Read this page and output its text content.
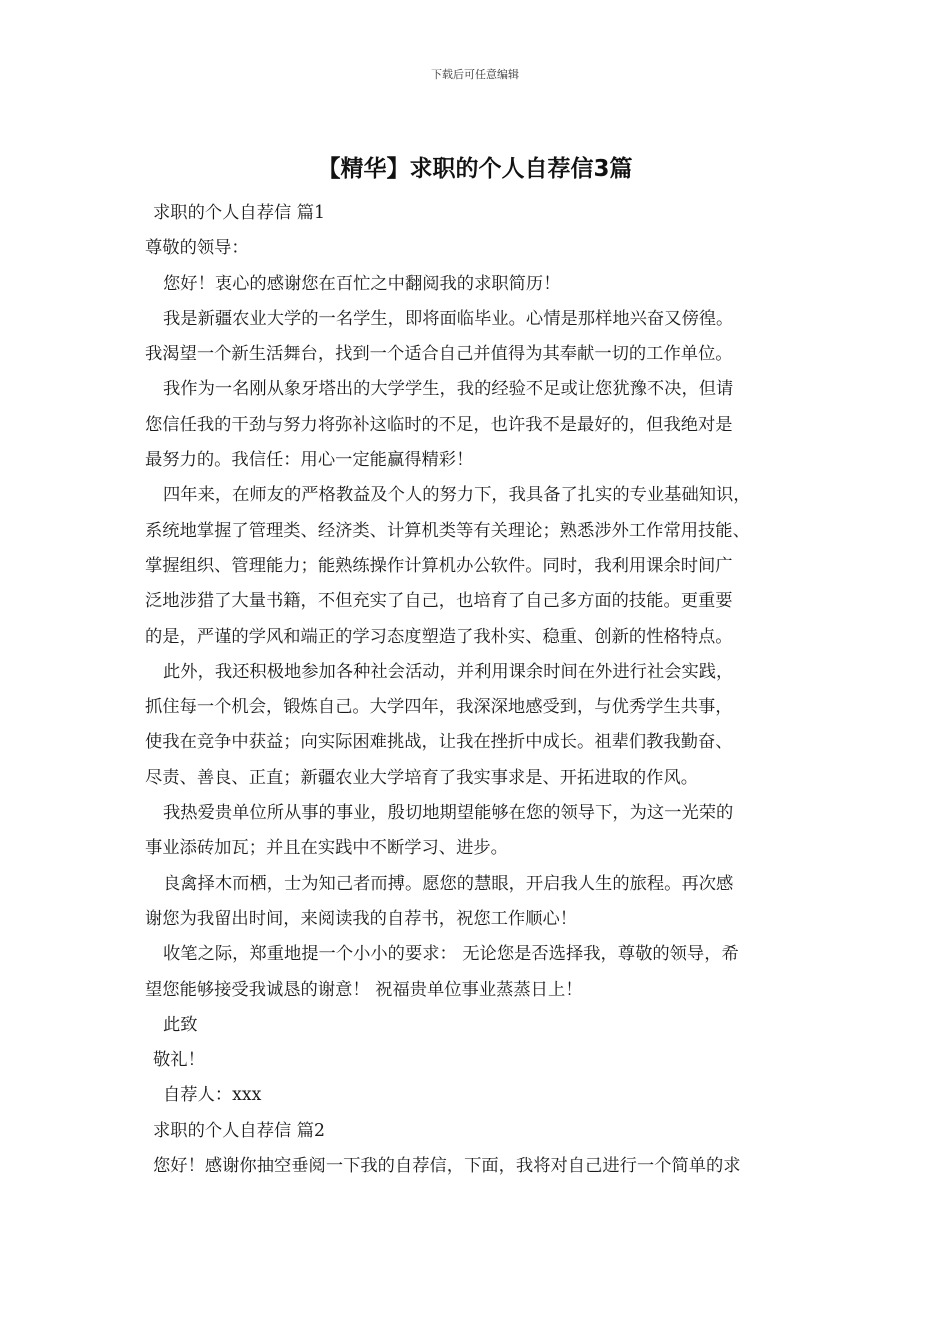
下载后可任意编辑
【精华】求职的个人自荐信3篇
求职的个人自荐信 篇1
尊敬的领导：
您好！衷心的感谢您在百忙之中翻阅我的求职简历！
我是新疆农业大学的一名学生，即将面临毕业。心情是那样地兴奋又傍徨。
我渴望一个新生活舞台，找到一个适合自己并值得为其奉献一切的工作单位。
我作为一名刚从象牙塔出的大学学生，我的经验不足或让您犹豫不决，但请
您信任我的干劲与努力将弥补这临时的不足，也许我不是最好的，但我绝对是
最努力的。我信任：用心一定能赢得精彩！
四年来，在师友的严格教益及个人的努力下，我具备了扎实的专业基础知识，
系统地掌握了管理类、经济类、计算机类等有关理论；熟悉涉外工作常用技能、
掌握组织、管理能力；能熟练操作计算机办公软件。同时，我利用课余时间广
泛地涉猎了大量书籍，不但充实了自己，也培育了自己多方面的技能。更重要
的是，严谨的学风和端正的学习态度塑造了我朴实、稳重、创新的性格特点。
此外，我还积极地参加各种社会活动，并利用课余时间在外进行社会实践，
抓住每一个机会，锻炼自己。大学四年，我深深地感受到，与优秀学生共事，
使我在竞争中获益；向实际困难挑战，让我在挫折中成长。祖辈们教我勤奋、
尽责、善良、正直；新疆农业大学培育了我实事求是、开拓进取的作风。
我热爱贵单位所从事的事业，殷切地期望能够在您的领导下，为这一光荣的
事业添砖加瓦；并且在实践中不断学习、进步。
良禽择木而栖，士为知己者而搏。愿您的慧眼，开启我人生的旅程。再次感
谢您为我留出时间，来阅读我的自荐书，祝您工作顺心！
收笔之际，郑重地提一个小小的要求： 无论您是否选择我，尊敬的领导，希
望您能够接受我诚恳的谢意！ 祝福贵单位事业蒸蒸日上！
此致
敬礼！
自荐人：xxx
求职的个人自荐信 篇2
您好！感谢你抽空垂阅一下我的自荐信，下面，我将对自己进行一个简单的求
